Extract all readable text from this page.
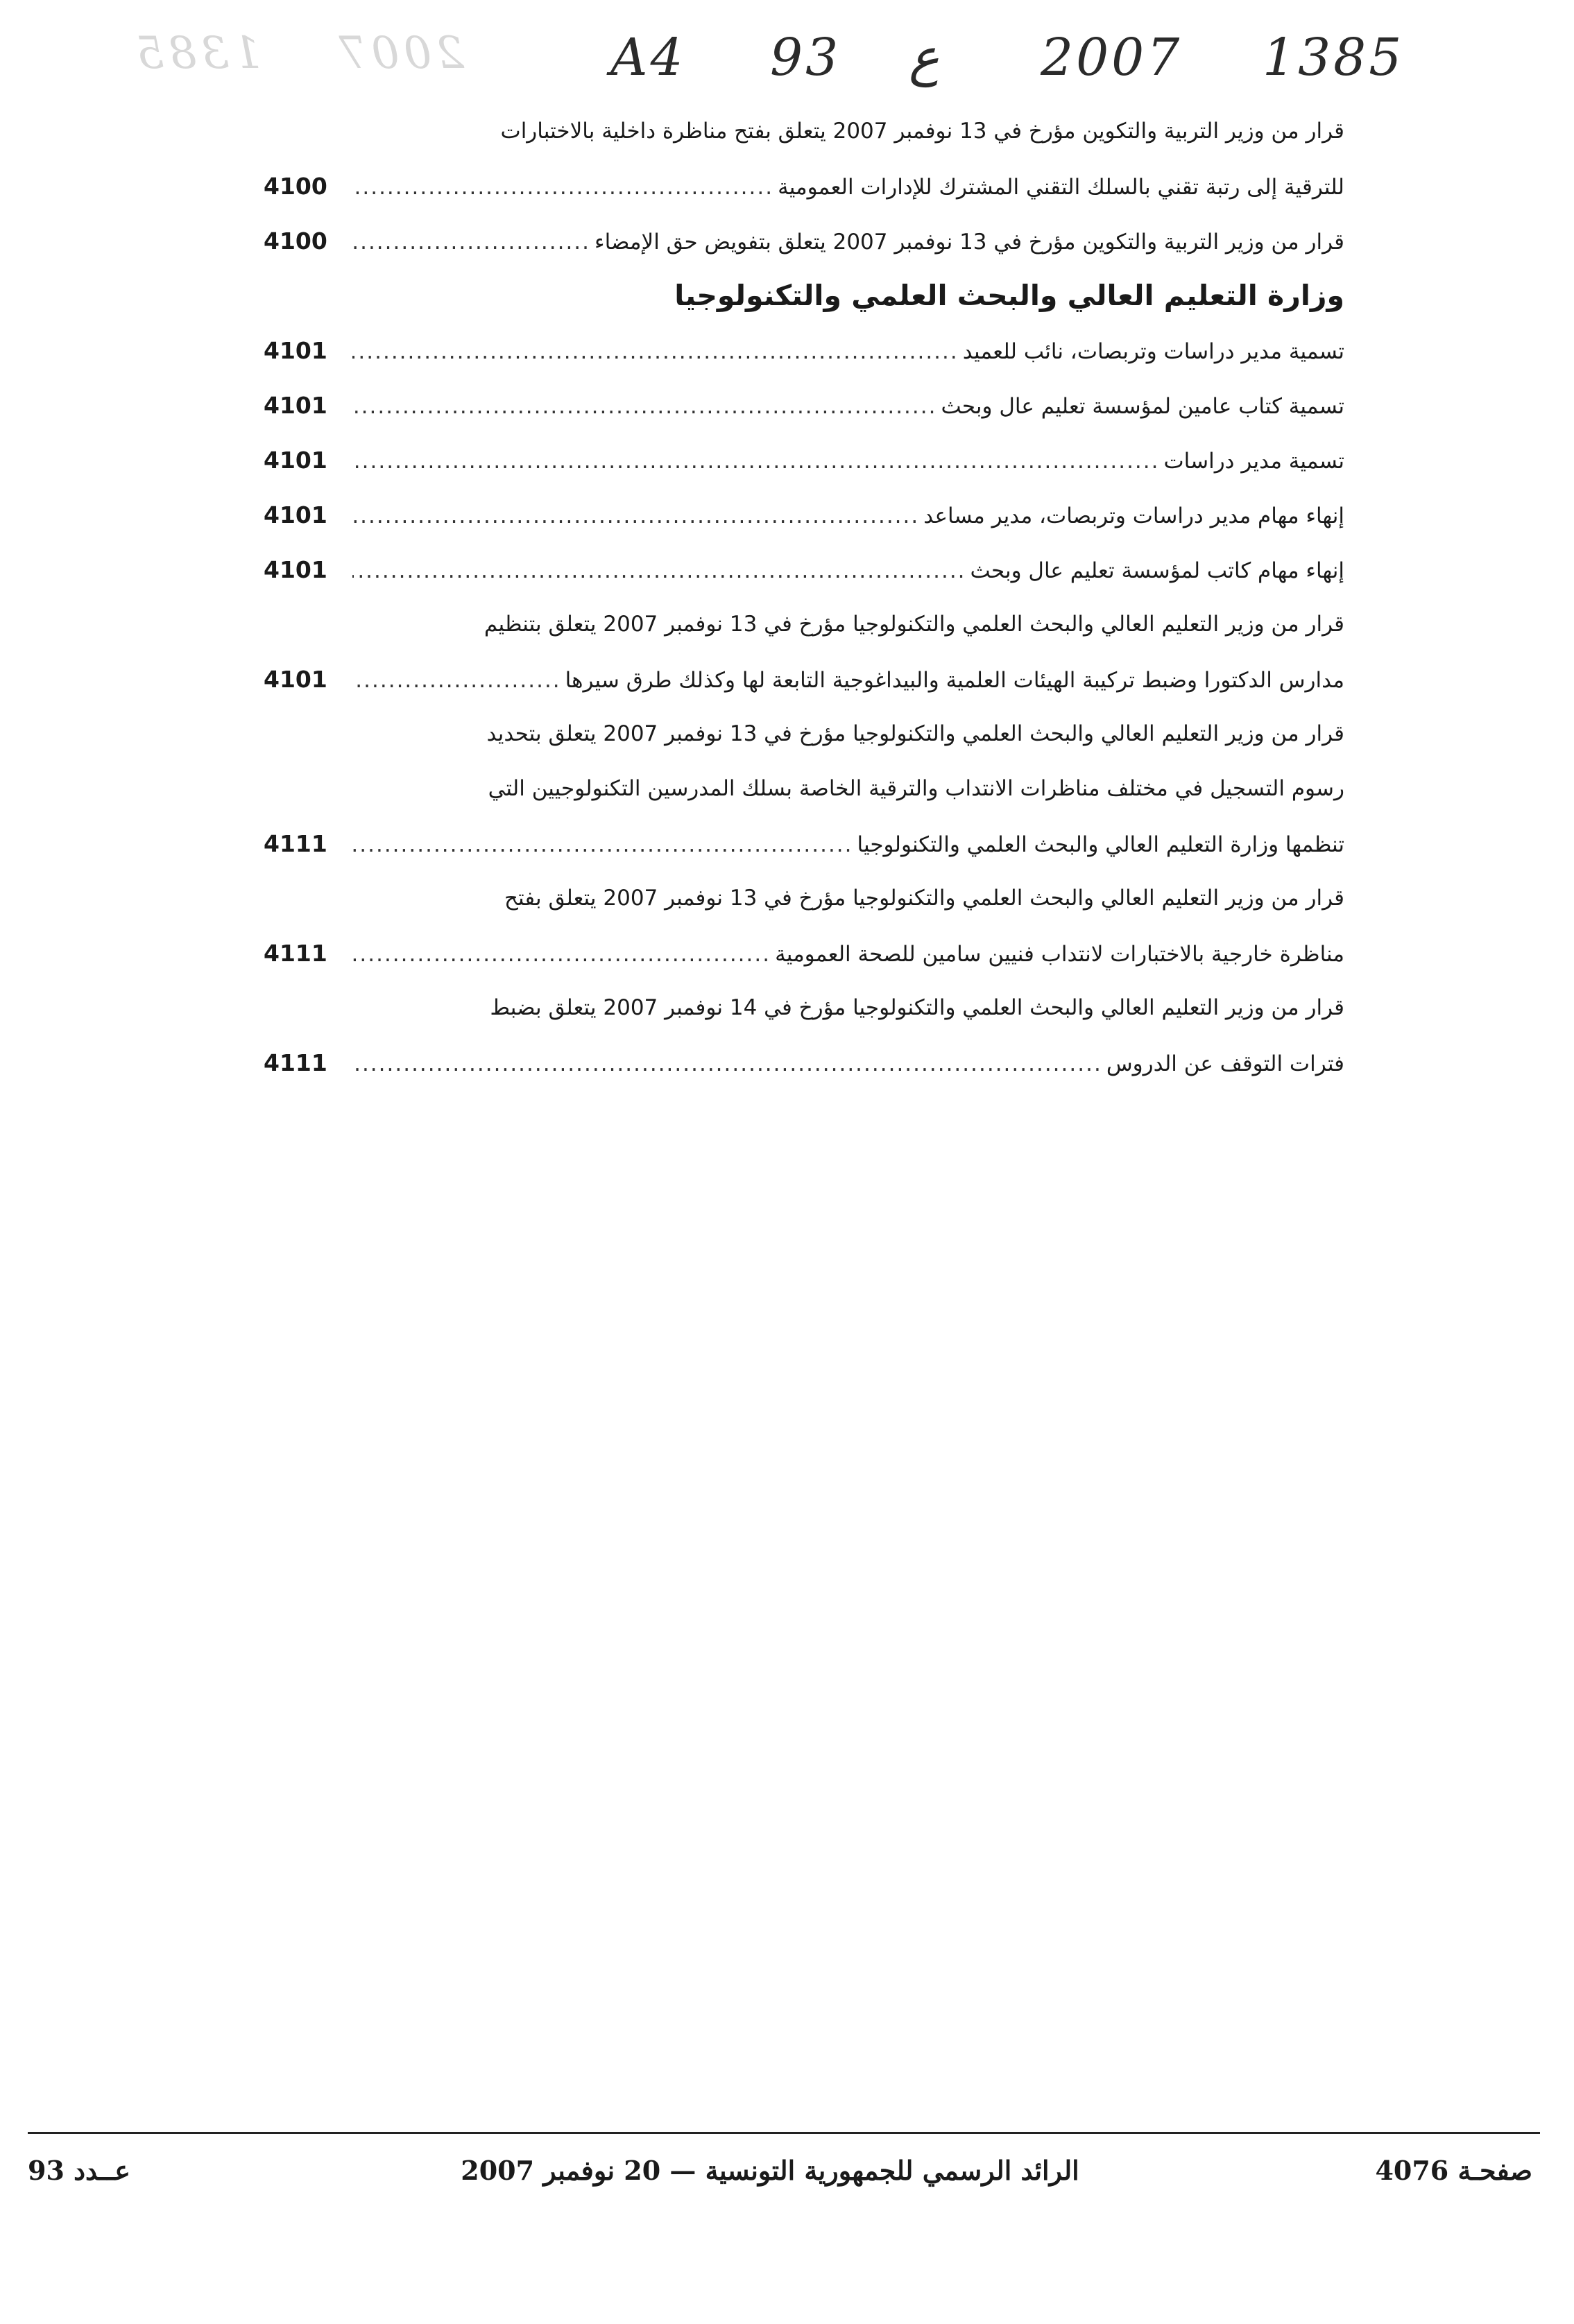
2007    1385	A4 93 ع 2007 1385
قرار من وزير التربية والتكوين مؤرخ في 13 نوفمبر 2007 يتعلق بفتح مناظرة داخلية بالاختبارات
للترقية إلى رتبة تقني بالسلك التقني المشترك للإدارات العمومية
.....
4100
قرار من وزير التربية والتكوين مؤرخ في 13 نوفمبر 2007 يتعلق بتفويض حق الإمضاء
.....
4100
وزارة التعليم العالي والبحث العلمي والتكنولوجيا
تسمية مدير دراسات وتربصات، نائب للعميد
.....
4101
تسمية كتاب عامين لمؤسسة تعليم عال وبحث
.....
4101
تسمية مدير دراسات
.....
4101
إنهاء مهام مدير دراسات وتربصات، مدير مساعد
.....
4101
إنهاء مهام كاتب لمؤسسة تعليم عال وبحث
.....
4101
قرار من وزير التعليم العالي والبحث العلمي والتكنولوجيا مؤرخ في 13 نوفمبر 2007 يتعلق بتنظيم
مدارس الدكتورا وضبط تركيبة الهيئات العلمية والبيداغوجية التابعة لها وكذلك طرق سيرها
.....
4101
قرار من وزير التعليم العالي والبحث العلمي والتكنولوجيا مؤرخ في 13 نوفمبر 2007 يتعلق بتحديد
رسوم التسجيل في مختلف مناظرات الانتداب والترقية الخاصة بسلك المدرسين التكنولوجيين التي
تنظمها وزارة التعليم العالي والبحث العلمي والتكنولوجيا
.....
4111
قرار من وزير التعليم العالي والبحث العلمي والتكنولوجيا مؤرخ في 13 نوفمبر 2007 يتعلق بفتح
مناظرة خارجية بالاختبارات لانتداب فنيين سامين للصحة العمومية
.....
4111
قرار من وزير التعليم العالي والبحث العلمي والتكنولوجيا مؤرخ في 14 نوفمبر 2007 يتعلق بضبط
فترات التوقف عن الدروس
.....
4111
صفحـة 4076
الرائد الرسمي للجمهورية التونسية — 20 نوفمبر 2007
عــدد 93
